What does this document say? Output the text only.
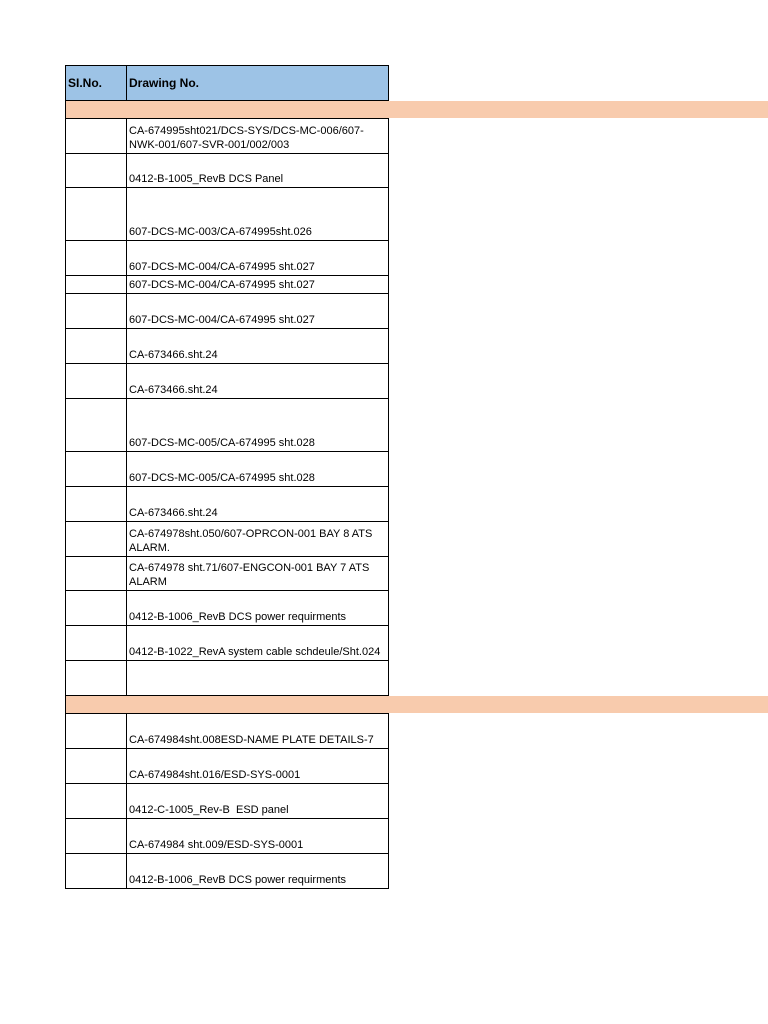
SI.No.	Drawing No.
CA-674995sht021/DCS-SYS/DCS-MC-006/607-NWK-001/607-SVR-001/002/003
0412-B-1005_RevB DCS Panel
607-DCS-MC-003/CA-674995sht.026
607-DCS-MC-004/CA-674995 sht.027
607-DCS-MC-004/CA-674995 sht.027
607-DCS-MC-004/CA-674995 sht.027
CA-673466.sht.24
CA-673466.sht.24
607-DCS-MC-005/CA-674995 sht.028
607-DCS-MC-005/CA-674995 sht.028
CA-673466.sht.24
CA-674978sht.050/607-OPRCON-001 BAY 8 ATS ALARM.
CA-674978 sht.71/607-ENGCON-001 BAY 7 ATS ALARM
0412-B-1006_RevB DCS power requirments
0412-B-1022_RevA system cable schdeule/Sht.024
CA-674984sht.008ESD-NAME PLATE DETAILS-7
CA-674984sht.016/ESD-SYS-0001
0412-C-1005_Rev-B  ESD panel
CA-674984 sht.009/ESD-SYS-0001
0412-B-1006_RevB DCS power requirments
